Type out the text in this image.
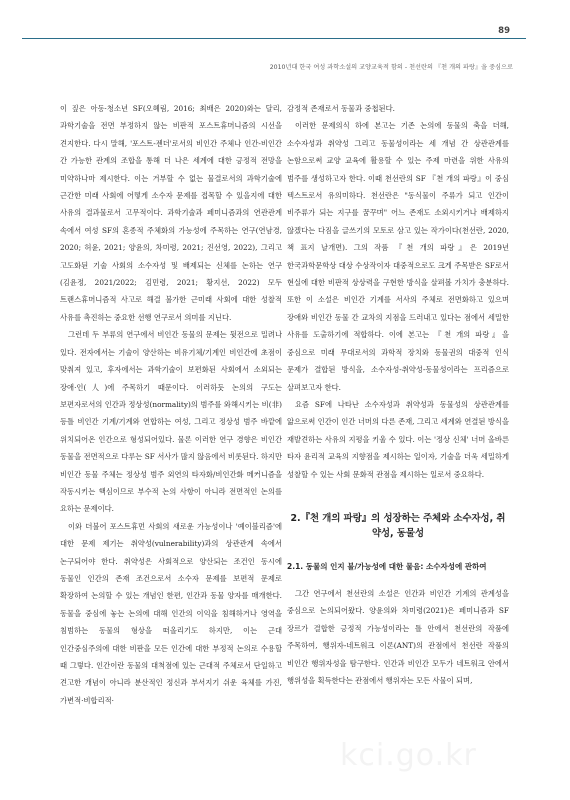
89
2010년대 한국 여성 과학소설의 교양교육적 함의 - 천선란의 『천 개의 파랑』을 중심으로

이 짚은 아동·청소년 SF(오혜림, 2016; 최배은 2020)와는 달리, 과학기술을 전면 부정하지 않는 비판적 포스트휴머니즘의 시선을 견지한다. 다시 말해, '포스트-젠더'로서의 비인간 주체나 인간-비인간 간 가능한 관계의 조합을 통해 더 나은 세계에 대한 긍정적 전망을 미약하나마 제시한다. 이는 거부할 수 없는 물결로서의 과학기술에 근간한 미래 사회에 어떻게 소수자 문제를 접목할 수 있을지에 대한 사유의 결과물로서 고무적이다. 과학기술과 페미니즘과의 연관관계 속에서 여성 SF의 혼종적 주체화의 가능성에 주목하는 연구(연남경, 2020; 허윤, 2021; 양윤의, 차미령, 2021; 진선영, 2022), 그리고 고도화된 기술 사회의 소수자성 및 배제되는 신체를 논하는 연구(김윤정, 2021/2022; 김민령, 2021; 황지선, 2022) 모두 트랜스휴머니즘적 사고로 해결 불가한 근미래 사회에 대한 성찰적 사유를 촉진하는 중요한 선행 연구로서 의미를 지닌다.

그런데 두 부류의 연구에서 비인간 동물의 문제는 뒷전으로 밀려나 있다. 전자에서는 기술이 양산하는 비유기체/기계인 비인간에 초점이 맞춰져 있고, 후자에서는 과학기술이 보편화된 사회에서 소외되는 장애·인(人)에 주목하기 때문이다. 이러하듯 논의의 구도는 보편자로서의 인간과 정상성(normality)의 범주를 와해시키는 비(非)등틀 비인간 기계/기계와 연합하는 여성, 그리고 정상성 범주 바깥에 위치되어온 인간으로 형성되어있다. 물론 이러한 연구 경향은 비인간 동물을 전면적으로 다루는 SF 서사가 많지 않음에서 비롯된다. 하지만 비인간 동물 주체는 정상성 범주 외연의 타자화/비인간화 메커니즘을 작동시키는 핵심이므로 부수적 논의 사항이 아니라 전면적인 논의를 요하는 문제이다.

이와 더불어 포스트휴먼 사회의 새로운 가능성이나 '예이블리즘'에 대한 문제 제기는 취약성(vulnerability)과의 상관관계 속에서 논구되어야 한다. 취약성은 사회적으로 양산되는 조건인 동시에 동물인 인간의 존재 조건으로서 소수자 문제를 보편적 문제로 확장하여 논의할 수 있는 개념인 한편, 인간과 동물 양자를 매개한다. 동물을 중심에 놓는 논의에 대해 인간의 이익을 침해하거나 영역을 침범하는 동물의 형상을 떠올리기도 하지만, 이는 근대 인간중심주의에 대한 비판을 모든 인간에 대한 부정적 논의로 수용할 때 그렇다. 인간이란 동물의 대척점에 있는 근대적 주체로서 단일하고 견고한 개념이 아니라 분산적인 정신과 부서지기 쉬운 육체를 가진, 가변적·비합리적·

감정적 존재로서 동물과 중첩된다.

이러한 문제의식 하에 본고는 기존 논의에 동물의 축을 더해, 소수자성과 취약성 그리고 동물성이라는 세 개념 간 상관관계를 논함으로써 교양 교육에 활용할 수 있는 주제 마련을 위한 사유의 범주를 생성하고자 한다. 이때 천선란의 SF 『천 개의 파랑』이 중심 텍스트로서 유의미하다. 천선란은 "동식물이 주류가 되고 인간이 비주류가 되는 지구를 꿈꾸며" 어느 존재도 소외시키거나 배제하지 않겠다는 다짐을 글쓰기의 모토로 삼고 있는 작가이다(천선란, 2020, 책 표지 날개면). 그의 작품 『천 개의 파랑』은 2019년 한국과학문학상 대상 수상작이자 대중적으로도 크게 주목받은 SF로서 현실에 대한 비판적 상상력을 구현한 방식을 살펴볼 가치가 충분하다. 또한 이 소설은 비인간 기계를 서사의 주체로 전면화하고 있으며 장애와 비인간 동물 간 교차의 지점을 드러내고 있다는 점에서 세밀한 사유를 도출하기에 적합하다. 이에 본고는 『천 개의 파랑』을 중심으로 미래 무대로서의 과학적 장치와 동물권의 대중적 인식 문제가 결합된 방식을, 소수자성-취약성-동물성이라는 프리즘으로 살펴보고자 한다.

요즘 SF에 나타난 소수자성과 취약성과 동물성의 상관관계를 앎으로써 인간이 인간 너머의 다른 존재, 그리고 세계와 연결된 방식을 재발견하는 사유의 지평을 키울 수 있다. 이는 '정상 신체' 너머 올바른 타자 윤리적 교육의 지향점을 제시하는 일이자, 기술을 더욱 세밀하게 성찰할 수 있는 사회 문화적 관점을 제시하는 일로서 중요하다.

2.『천 개의 파랑』의 성장하는 주체와 소수자성, 취약성, 동물성
2.1. 동물의 인지 불/가능성에 대한 물음: 소수자성에 관하여

그간 연구에서 천선란의 소설은 인간과 비인간 기계의 관계성을 중심으로 논의되어왔다. 양윤의와 차미령(2021)은 페미니즘과 SF 장르가 결합한 긍정적 가능성이라는 틀 안에서 천선란의 작품에 주목하여, 행위자-네트워크 이론(ANT)의 관점에서 천선란 작품의 비인간 행위자성을 탐구한다. 인간과 비인간 모두가 네트워크 안에서 행위성을 획득한다는 관점에서 행위자는 모든 사물이 되며,

kci.go.kr
